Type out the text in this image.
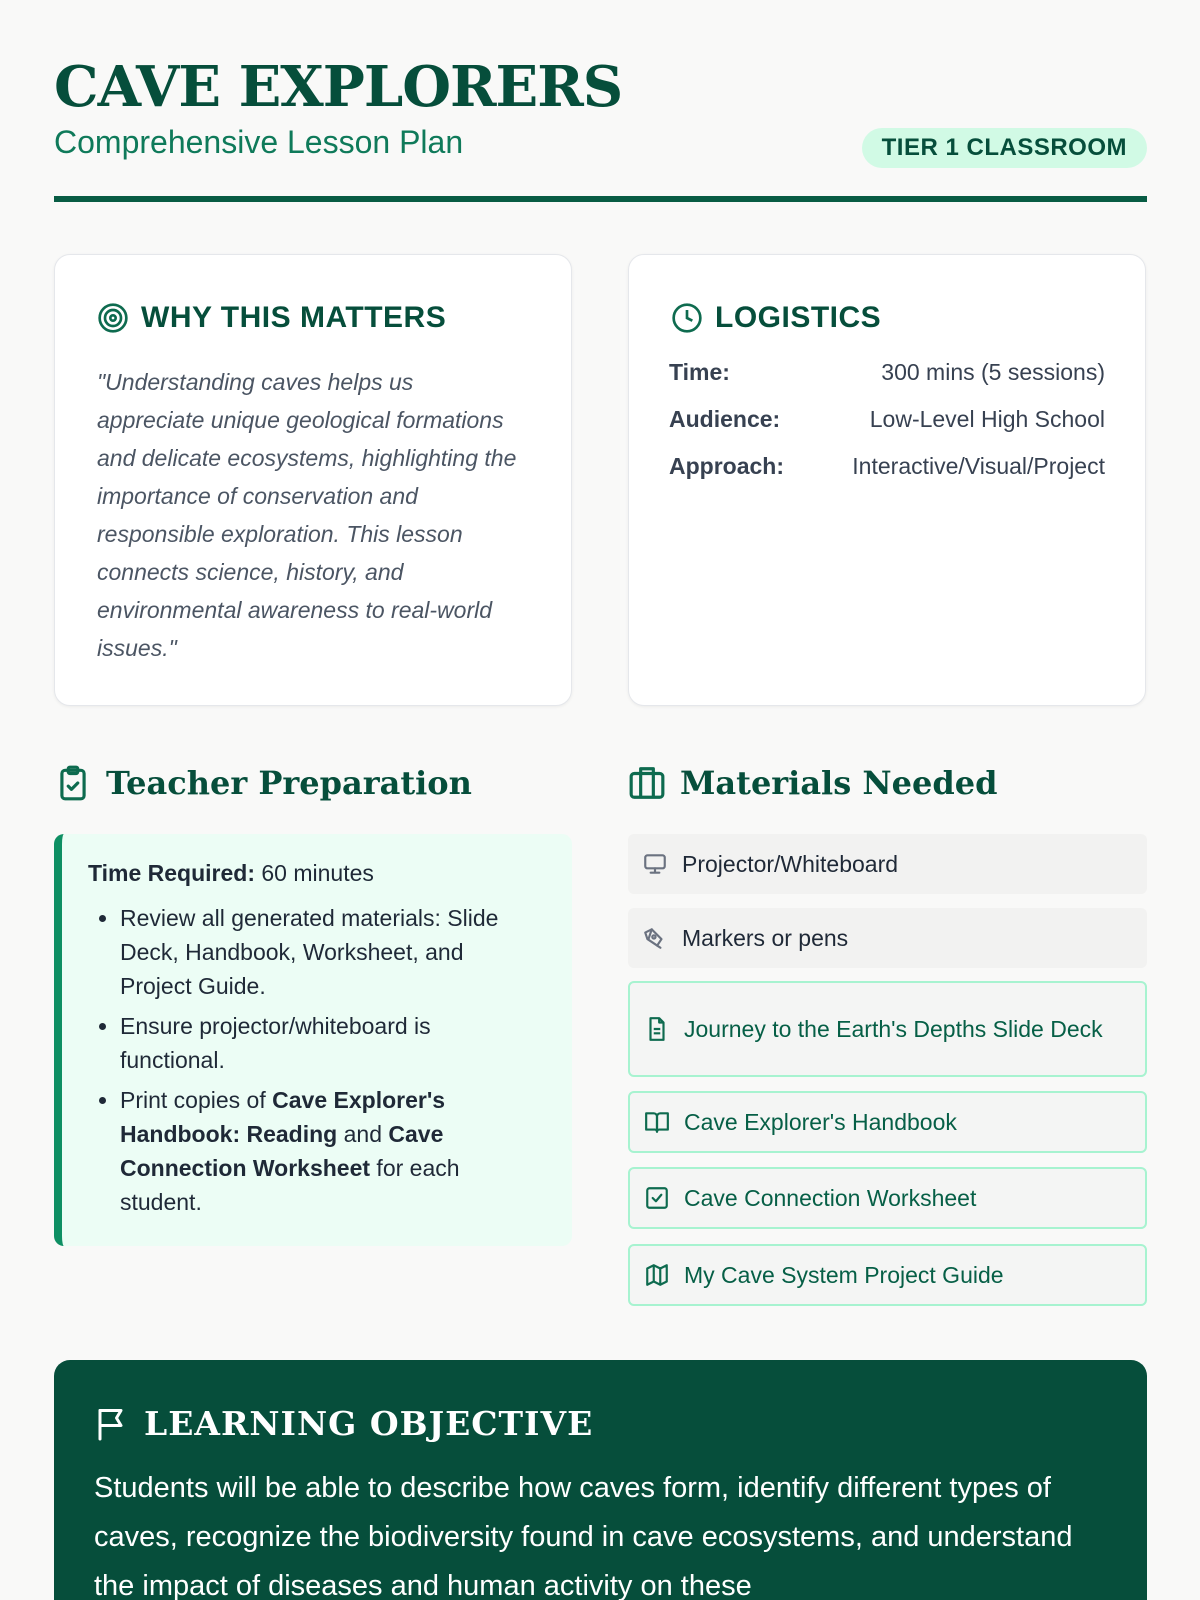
CAVE EXPLORERS
Comprehensive Lesson Plan	TIER 1 CLASSROOM
WHY THIS MATTERS
"Understanding caves helps us appreciate unique geological formations and delicate ecosystems, highlighting the importance of conservation and responsible exploration. This lesson connects science, history, and environmental awareness to real-world issues."
LOGISTICS
Time:	300 mins (5 sessions)
Audience:	Low-Level High School
Approach:	Interactive/Visual/Project
Teacher Preparation
Time Required: 60 minutes
• Review all generated materials: Slide Deck, Handbook, Worksheet, and Project Guide.
• Ensure projector/whiteboard is functional.
• Print copies of Cave Explorer's Handbook: Reading and Cave Connection Worksheet for each student.
Materials Needed
Projector/Whiteboard
Markers or pens
Journey to the Earth's Depths Slide Deck
Cave Explorer's Handbook
Cave Connection Worksheet
My Cave System Project Guide
LEARNING OBJECTIVE
Students will be able to describe how caves form, identify different types of caves, recognize the biodiversity found in cave ecosystems, and understand the impact of diseases and human activity on these
